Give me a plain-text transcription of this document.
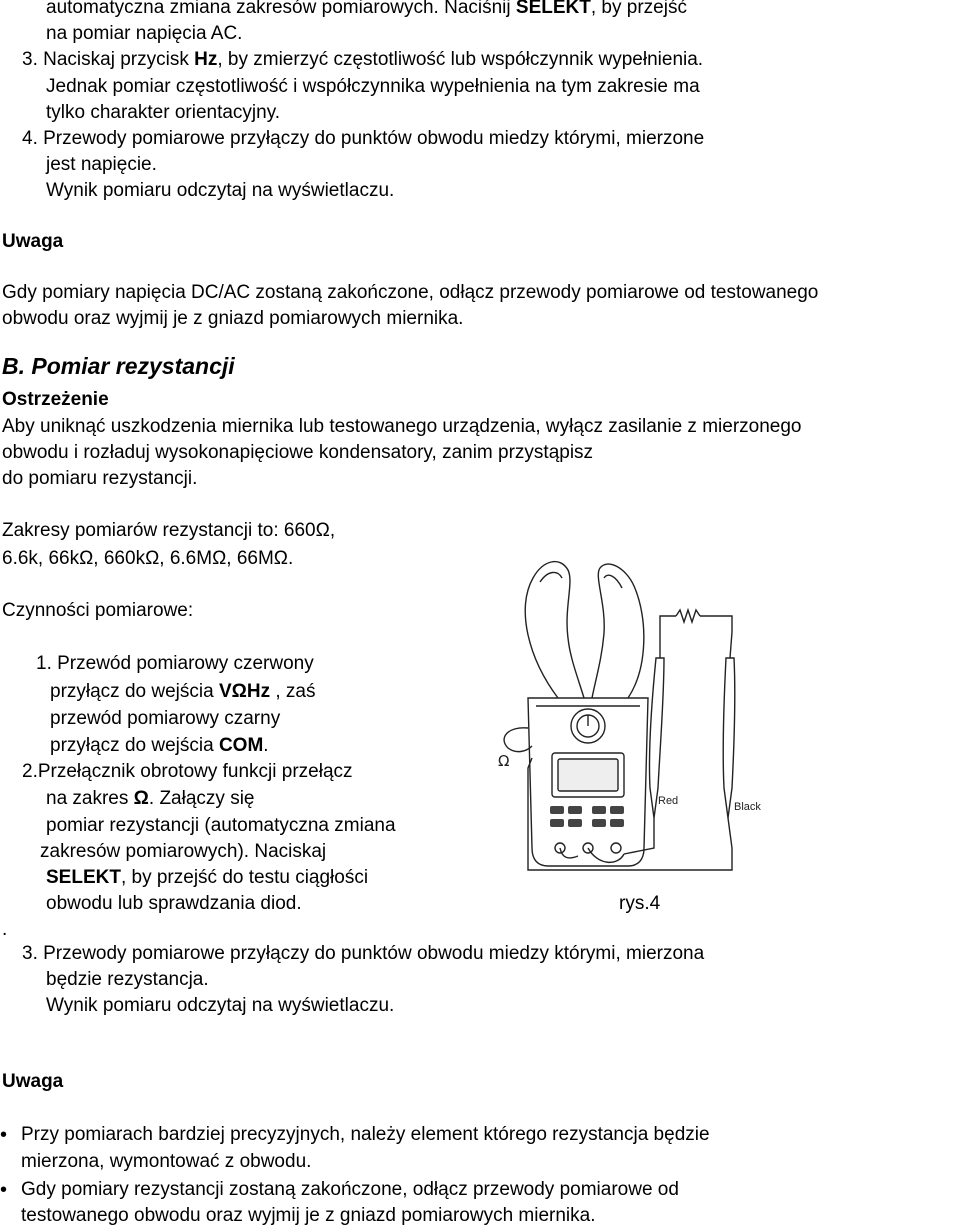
automatyczna zmiana zakresów pomiarowych. Naciśnij SELEKT, by przejść
na pomiar napięcia AC.
3. Naciskaj przycisk Hz, by zmierzyć częstotliwość lub współczynnik wypełnienia.
Jednak pomiar częstotliwość i współczynnika wypełnienia na tym zakresie ma
tylko charakter orientacyjny.
4. Przewody pomiarowe przyłączy do punktów obwodu miedzy którymi, mierzone
jest napięcie.
Wynik pomiaru odczytaj na wyświetlaczu.
Uwaga
Gdy pomiary napięcia DC/AC zostaną zakończone, odłącz przewody pomiarowe od testowanego
obwodu oraz wyjmij je z gniazd pomiarowych miernika.
B. Pomiar rezystancji
Ostrzeżenie
Aby uniknąć uszkodzenia miernika lub testowanego urządzenia, wyłącz zasilanie z mierzonego
obwodu i rozładuj wysokonapięciowe kondensatory, zanim przystąpisz
do pomiaru rezystancji.
Zakresy pomiarów rezystancji to: 660Ω,
6.6k, 66kΩ, 660kΩ, 6.6MΩ, 66MΩ.
Czynności pomiarowe:
1. Przewód pomiarowy czerwony
przyłącz do wejścia VΩHz , zaś
przewód pomiarowy czarny
przyłącz do wejścia COM.
2.Przełącznik obrotowy funkcji przełącz
na zakres Ω. Załączy się
pomiar rezystancji (automatyczna zmiana
zakresów pomiarowych). Naciskaj
SELEKT, by przejść do testu ciągłości
obwodu lub sprawdzania diod.	rys.4
.
3. Przewody pomiarowe przyłączy do punktów obwodu miedzy którymi, mierzona
będzie rezystancja.
Wynik pomiaru odczytaj na wyświetlaczu.
Uwaga
• Przy pomiarach bardziej precyzyjnych, należy element którego rezystancja będzie
mierzona, wymontować z obwodu.
• Gdy pomiary rezystancji zostaną zakończone, odłącz przewody pomiarowe od
testowanego obwodu oraz wyjmij je z gniazd pomiarowych miernika.
Ω
Red	Black
